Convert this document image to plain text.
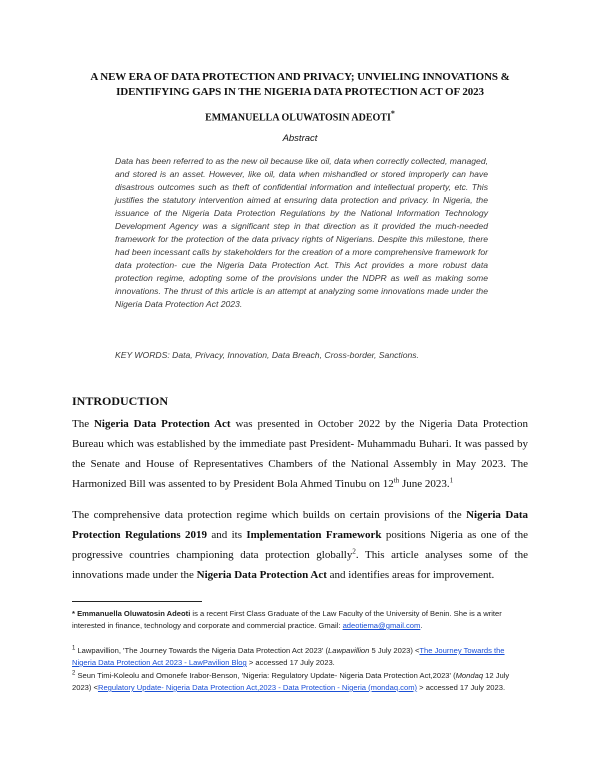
A NEW ERA OF DATA PROTECTION AND PRIVACY; UNVIELING INNOVATIONS &
IDENTIFYING GAPS IN THE NIGERIA DATA PROTECTION ACT OF 2023
EMMANUELLA OLUWATOSIN ADEOTI*
Abstract

Data has been referred to as the new oil because like oil, data when correctly collected, managed, and stored is an asset. However, like oil, data when mishandled or stored improperly can have disastrous outcomes such as theft of confidential information and intellectual property, etc. This justifies the statutory intervention aimed at ensuring data protection and privacy. In Nigeria, the issuance of the Nigeria Data Protection Regulations by the National Information Technology Development Agency was a significant step in that direction as it provided the much-needed framework for the protection of the data privacy rights of Nigerians. Despite this milestone, there had been incessant calls by stakeholders for the creation of a more comprehensive framework for data protection- cue the Nigeria Data Protection Act. This Act provides a more robust data protection regime, adopting some of the provisions under the NDPR as well as making some innovations. The thrust of this article is an attempt at analyzing some innovations made under the Nigeria Data Protection Act 2023.

KEY WORDS: Data, Privacy, Innovation, Data Breach, Cross-border, Sanctions.

INTRODUCTION

The Nigeria Data Protection Act was presented in October 2022 by the Nigeria Data Protection Bureau which was established by the immediate past President- Muhammadu Buhari. It was passed by the Senate and House of Representatives Chambers of the National Assembly in May 2023. The Harmonized Bill was assented to by President Bola Ahmed Tinubu on 12th June 2023.$^1$

The comprehensive data protection regime which builds on certain provisions of the Nigeria Data Protection Regulations 2019 and its Implementation Framework positions Nigeria as one of the progressive countries championing data protection globally$^2$. This article analyses some of the innovations made under the Nigeria Data Protection Act and identifies areas for improvement.

* Emmanuella Oluwatosin Adeoti is a recent First Class Graduate of the Law Faculty of the University of Benin. She is a writer interested in finance, technology and corporate and commercial practice. Gmail: adeotiema@gmail.com.

$^1$ Lawpavillion, 'The Journey Towards the Nigeria Data Protection Act 2023' (Lawpavillion 5 July 2023) <The Journey Towards the Nigeria Data Protection Act 2023 - LawPavilion Blog > accessed 17 July 2023.

$^2$ Seun Timi-Koleolu and Omonefe Irabor-Benson, 'Nigeria: Regulatory Update- Nigeria Data Protection Act,2023' (Mondaq 12 July 2023) <Regulatory Update- Nigeria Data Protection Act,2023 - Data Protection - Nigeria (mondaq.com) > accessed 17 July 2023.
